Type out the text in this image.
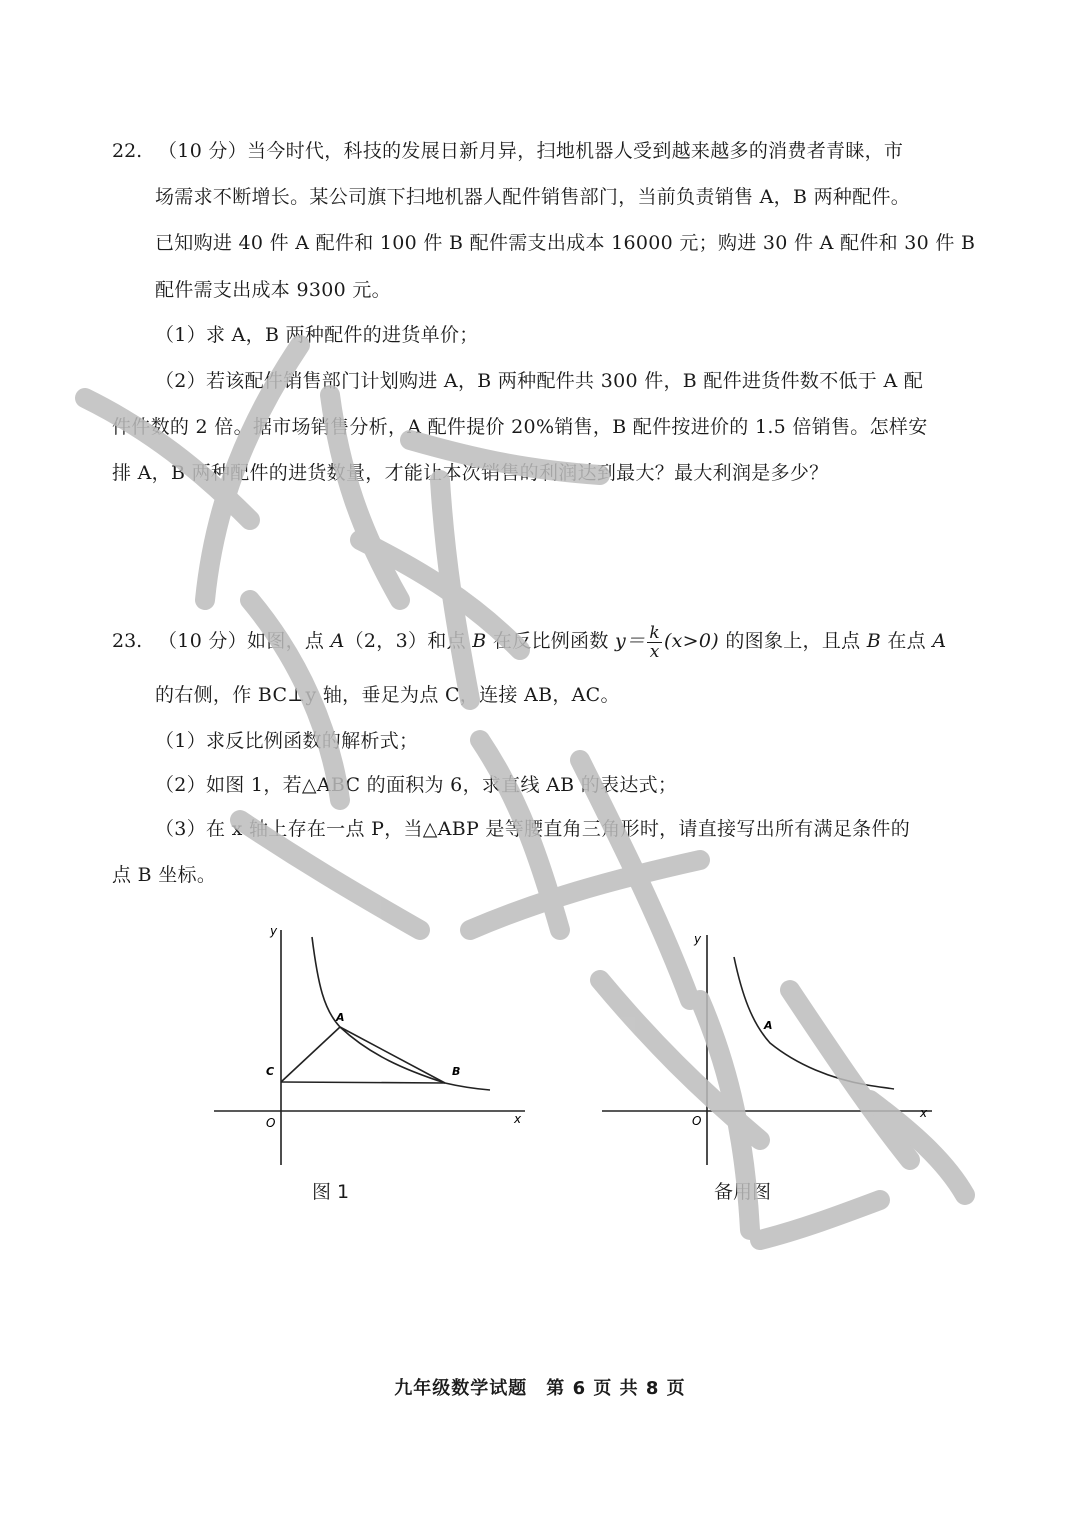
22. （10 分）当今时代，科技的发展日新月异，扫地机器人受到越来越多的消费者青睐，市
场需求不断增长。某公司旗下扫地机器人配件销售部门，当前负责销售 A，B 两种配件。
已知购进 40 件 A 配件和 100 件 B 配件需支出成本 16000 元；购进 30 件 A 配件和 30 件 B
配件需支出成本 9300 元。
（1）求 A，B 两种配件的进货单价；
（2）若该配件销售部门计划购进 A，B 两种配件共 300 件，B 配件进货件数不低于 A 配
件件数的 2 倍。据市场销售分析，A 配件提价 20%销售，B 配件按进价的 1.5 倍销售。怎样安
排 A，B 两种配件的进货数量，才能让本次销售的利润达到最大？最大利润是多少？
23. （10 分）如图，点 A（2，3）和点 B 在反比例函数 $y= \frac{k}{x} (x>0)$ 的图象上，且点 B 在点 A
的右侧，作 BC⊥y 轴，垂足为点 C，连接 AB，AC。
（1）求反比例函数的解析式；
（2）如图 1，若△ABC 的面积为 6，求直线 AB 的表达式；
（3）在 x 轴上存在一点 P，当△ABP 是等腰直角三角形时，请直接写出所有满足条件的
点 B 坐标。
y
x
O
A
B
C
图 1
y
x
O
A
备用图
九年级数学试题　第 6 页 共 8 页
